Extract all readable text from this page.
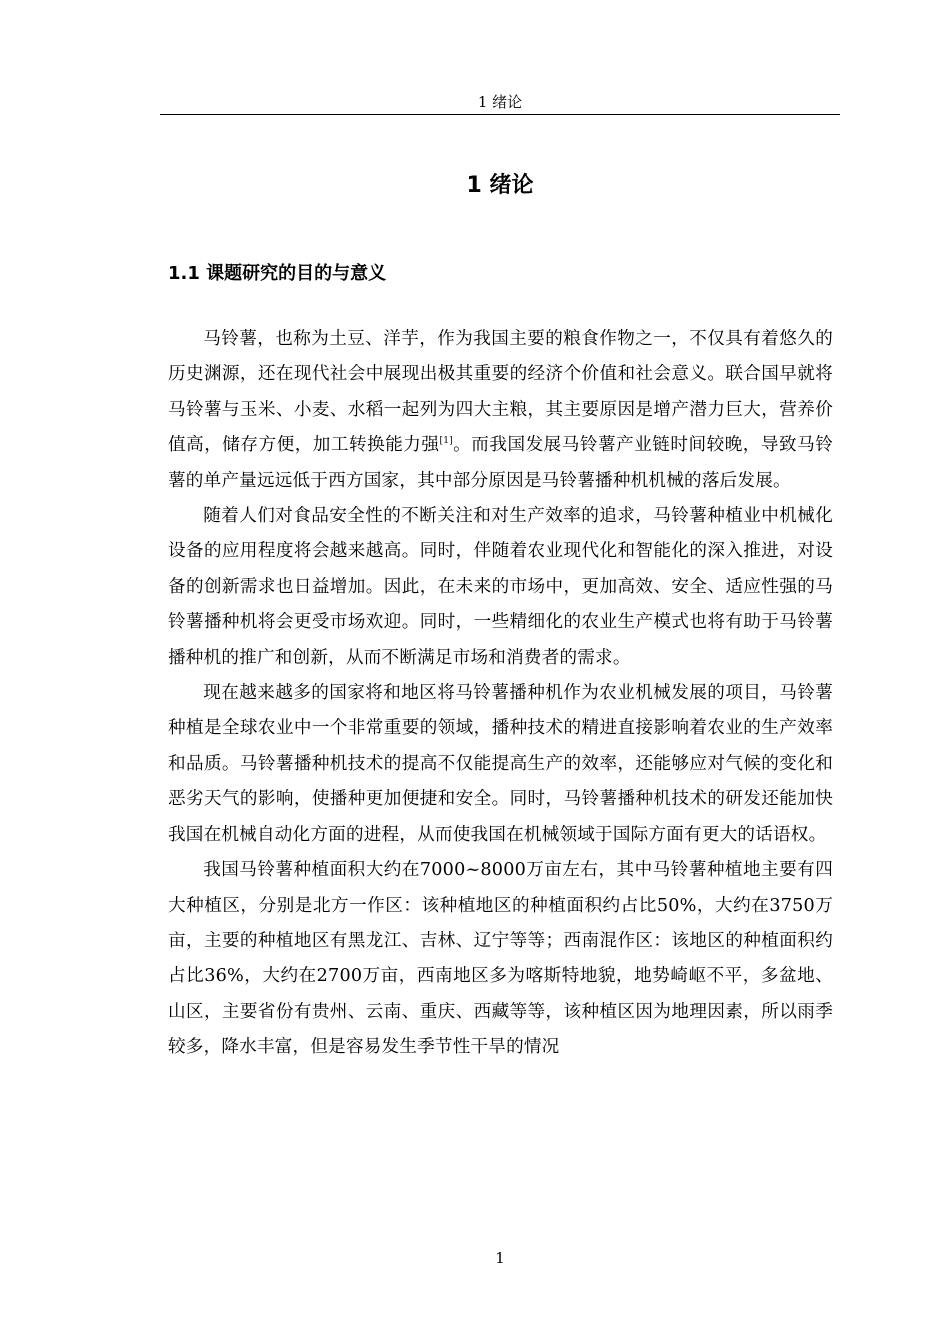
1 绪论
1 绪论
1.1 课题研究的目的与意义

马铃薯，也称为土豆、洋芋，作为我国主要的粮食作物之一，不仅具有着悠久的历史渊源，还在现代社会中展现出极其重要的经济个价值和社会意义。联合国早就将马铃薯与玉米、小麦、水稻一起列为四大主粮，其主要原因是增产潜力巨大，营养价值高，储存方便，加工转换能力强[1]。而我国发展马铃薯产业链时间较晚，导致马铃薯的单产量远远低于西方国家，其中部分原因是马铃薯播种机机械的落后发展。

随着人们对食品安全性的不断关注和对生产效率的追求，马铃薯种植业中机械化设备的应用程度将会越来越高。同时，伴随着农业现代化和智能化的深入推进，对设备的创新需求也日益增加。因此，在未来的市场中，更加高效、安全、适应性强的马铃薯播种机将会更受市场欢迎。同时，一些精细化的农业生产模式也将有助于马铃薯播种机的推广和创新，从而不断满足市场和消费者的需求。

现在越来越多的国家将和地区将马铃薯播种机作为农业机械发展的项目，马铃薯种植是全球农业中一个非常重要的领域，播种技术的精进直接影响着农业的生产效率和品质。马铃薯播种机技术的提高不仅能提高生产的效率，还能够应对气候的变化和恶劣天气的影响，使播种更加便捷和安全。同时，马铃薯播种机技术的研发还能加快我国在机械自动化方面的进程，从而使我国在机械领域于国际方面有更大的话语权。

我国马铃薯种植面积大约在7000~8000万亩左右，其中马铃薯种植地主要有四大种植区，分别是北方一作区：该种植地区的种植面积约占比50%，大约在3750万亩，主要的种植地区有黑龙江、吉林、辽宁等等；西南混作区：该地区的种植面积约占比36%，大约在2700万亩，西南地区多为喀斯特地貌，地势崎岖不平，多盆地、山区，主要省份有贵州、云南、重庆、西藏等等，该种植区因为地理因素，所以雨季较多，降水丰富，但是容易发生季节性干旱的情况

1
